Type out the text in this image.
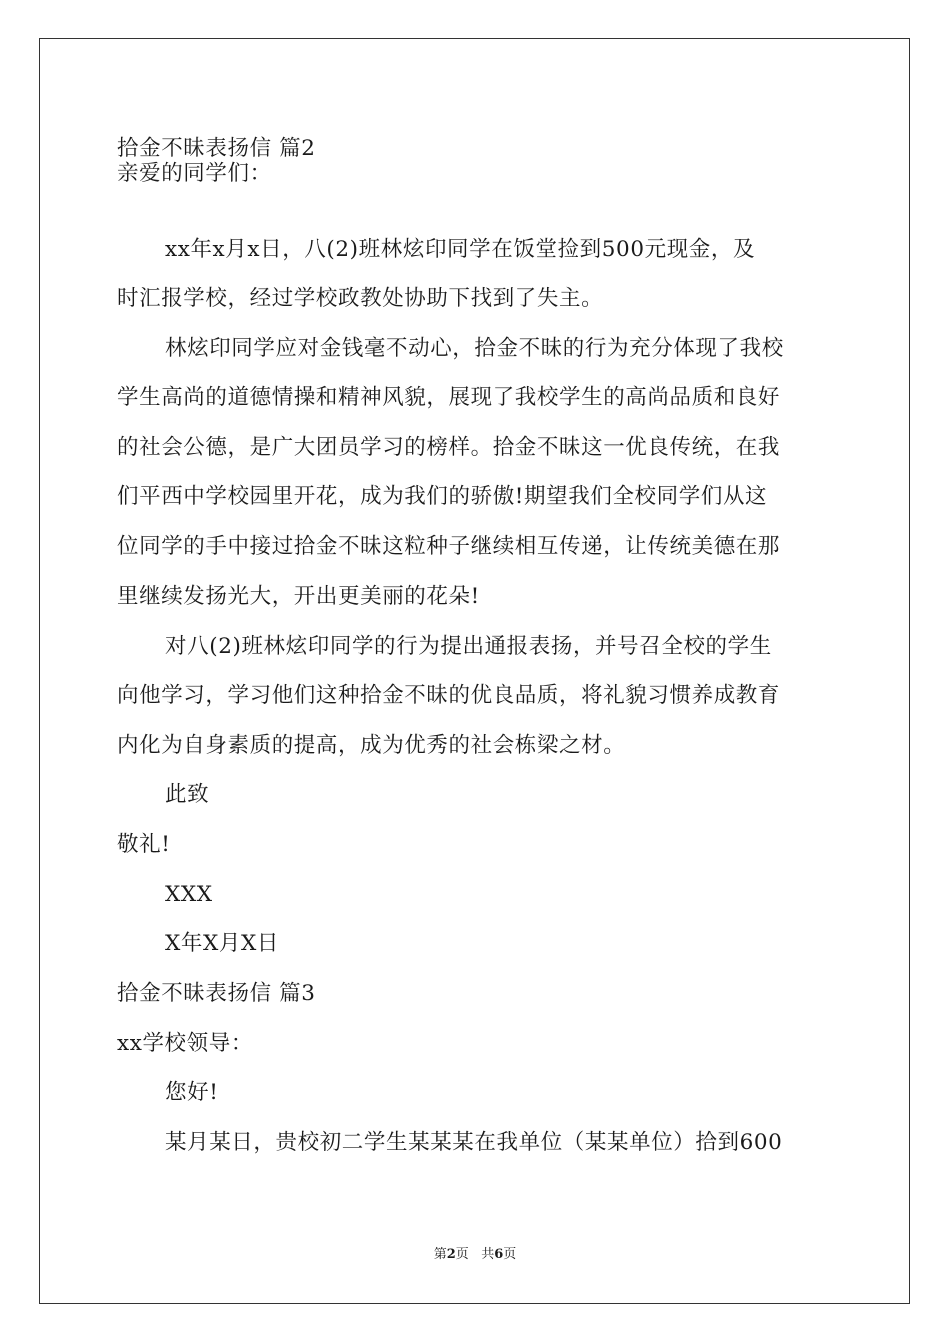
拾金不昧表扬信 篇2
亲爱的同学们：
xx年x月x日，八(2)班林炫印同学在饭堂捡到500元现金，及
时汇报学校，经过学校政教处协助下找到了失主。
林炫印同学应对金钱毫不动心，拾金不昧的行为充分体现了我校
学生高尚的道德情操和精神风貌，展现了我校学生的高尚品质和良好
的社会公德，是广大团员学习的榜样。拾金不昧这一优良传统，在我
们平西中学校园里开花，成为我们的骄傲!期望我们全校同学们从这
位同学的手中接过拾金不昧这粒种子继续相互传递，让传统美德在那
里继续发扬光大，开出更美丽的花朵!
对八(2)班林炫印同学的行为提出通报表扬，并号召全校的学生
向他学习，学习他们这种拾金不昧的优良品质，将礼貌习惯养成教育
内化为自身素质的提高，成为优秀的社会栋梁之材。
此致
敬礼!
XXX
X年X月X日
拾金不昧表扬信 篇3
xx学校领导：
您好!
某月某日，贵校初二学生某某某在我单位（某某单位）拾到600
第2页 共6页
